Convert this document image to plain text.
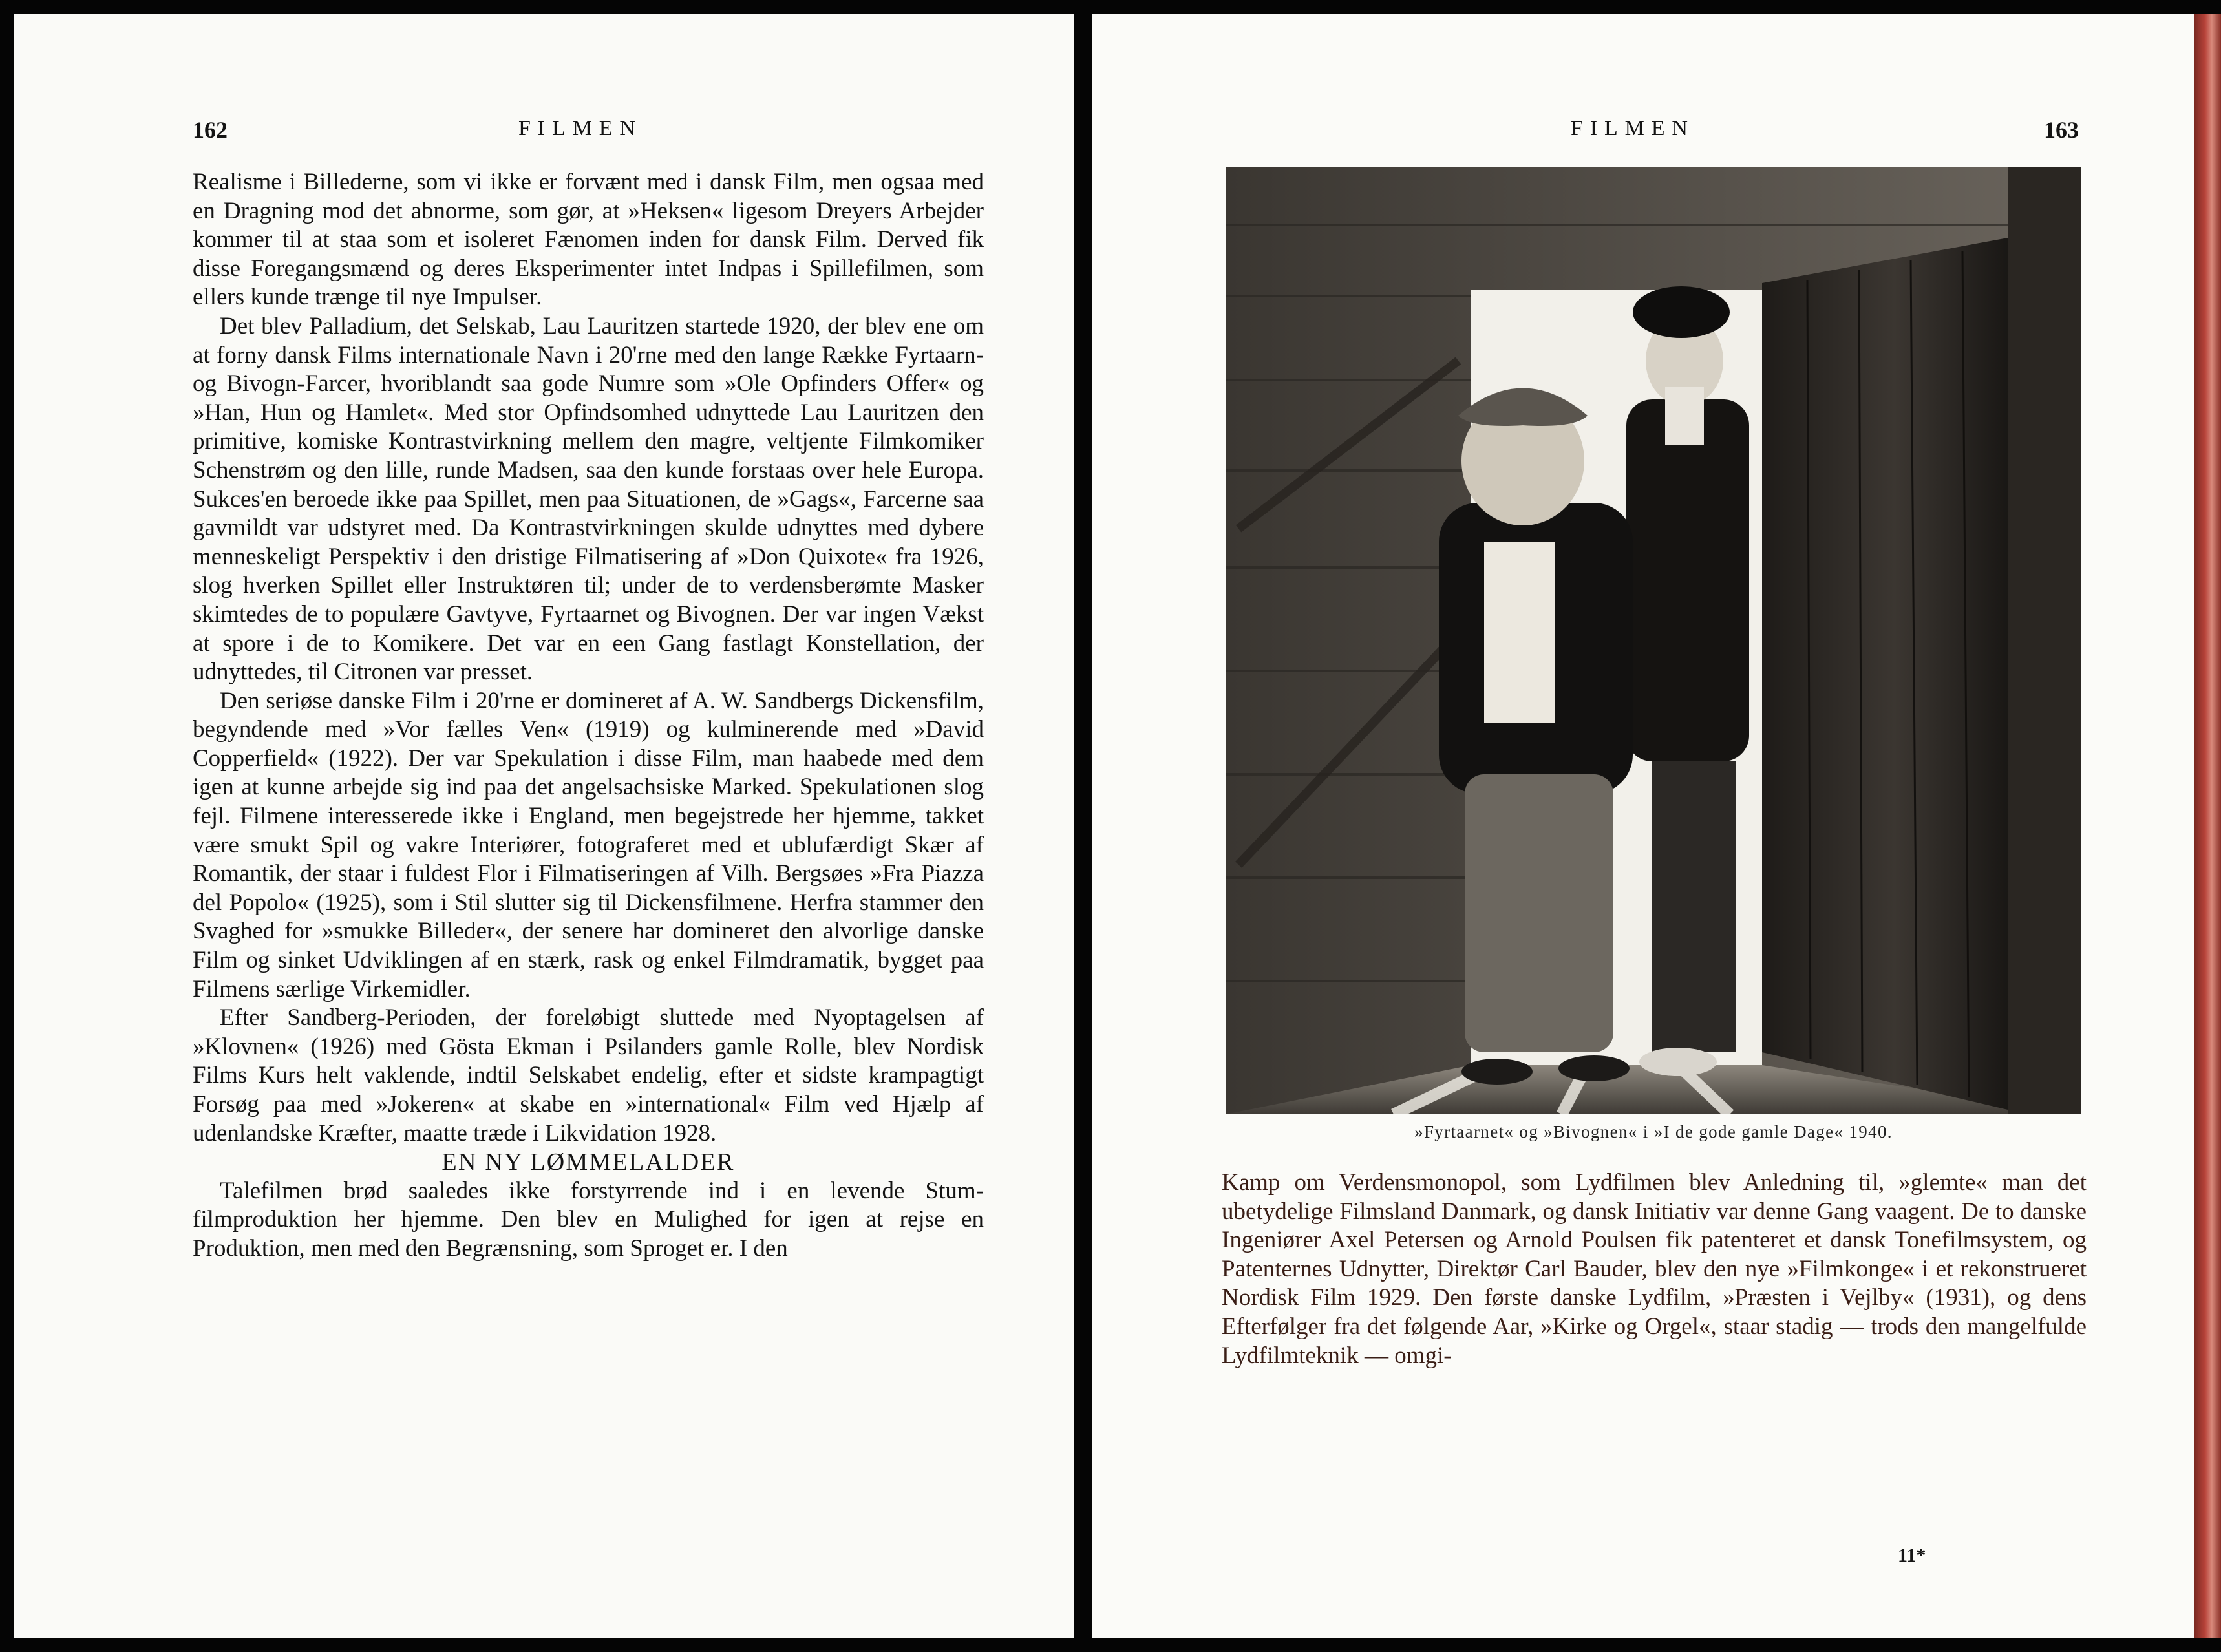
162	FILMEN

Realisme i Billederne, som vi ikke er forvænt med i dansk Film, men ogsaa med en Dragning mod det abnorme, som gør, at »Heksen« ligesom Dreyers Arbejder kommer til at staa som et isoleret Fænomen inden for dansk Film. Derved fik disse Foregangsmænd og deres Eksperimenter intet Indpas i Spillefilmen, som ellers kunde trænge til nye Impulser.

Det blev Palladium, det Selskab, Lau Lauritzen startede 1920, der blev ene om at forny dansk Films internationale Navn i 20'rne med den lange Række Fyrtaarn- og Bivogn-Farcer, hvoriblandt saa gode Numre som »Ole Opfinders Offer« og »Han, Hun og Hamlet«. Med stor Opfindsomhed udnyttede Lau Lauritzen den primitive, komiske Kontrastvirkning mellem den magre, veltjente Filmkomiker Schenstrøm og den lille, runde Madsen, saa den kunde forstaas over hele Europa. Sukces'en beroede ikke paa Spillet, men paa Situationen, de »Gags«, Farcerne saa gavmildt var udstyret med. Da Kontrastvirkningen skulde udnyttes med dybere menneskeligt Perspektiv i den dristige Filmatisering af »Don Quixote« fra 1926, slog hverken Spillet eller Instruktøren til; under de to verdensberømte Masker skimtedes de to populære Gavtyve, Fyrtaarnet og Bivognen. Der var ingen Vækst at spore i de to Komikere. Det var en een Gang fastlagt Konstellation, der udnyttedes, til Citronen var presset.

Den seriøse danske Film i 20'rne er domineret af A. W. Sandbergs Dickensfilm, begyndende med »Vor fælles Ven« (1919) og kulminerende med »David Copperfield« (1922). Der var Spekulation i disse Film, man haabede med dem igen at kunne arbejde sig ind paa det angelsachsiske Marked. Spekulationen slog fejl. Filmene interesserede ikke i England, men begejstrede her hjemme, takket være smukt Spil og vakre Interiører, fotograferet med et ublufærdigt Skær af Romantik, der staar i fuldest Flor i Filmatiseringen af Vilh. Bergsøes »Fra Piazza del Popolo« (1925), som i Stil slutter sig til Dickensfilmene. Herfra stammer den Svaghed for »smukke Billeder«, der senere har domineret den alvorlige danske Film og sinket Udviklingen af en stærk, rask og enkel Filmdramatik, bygget paa Filmens særlige Virkemidler.

Efter Sandberg-Perioden, der foreløbigt sluttede med Nyoptagelsen af »Klovnen« (1926) med Gösta Ekman i Psilanders gamle Rolle, blev Nordisk Films Kurs helt vaklende, indtil Selskabet endelig, efter et sidste krampagtigt Forsøg paa med »Jokeren« at skabe en »international« Film ved Hjælp af udenlandske Kræfter, maatte træde i Likvidation 1928.

EN NY LØMMELALDER

Talefilmen brød saaledes ikke forstyrrende ind i en levende Stumfilmproduktion her hjemme. Den blev en Mulighed for igen at rejse en Produktion, men med den Begrænsning, som Sproget er. I den

FILMEN	163
»Fyrtaarnet« og »Bivognen« i »I de gode gamle Dage« 1940.

Kamp om Verdensmonopol, som Lydfilmen blev Anledning til, »glemte« man det ubetydelige Filmsland Danmark, og dansk Initiativ var denne Gang vaagent. De to danske Ingeniører Axel Petersen og Arnold Poulsen fik patenteret et dansk Tonefilmsystem, og Patenternes Udnytter, Direktør Carl Bauder, blev den nye »Filmkonge« i et rekonstrueret Nordisk Film 1929. Den første danske Lydfilm, »Præsten i Vejlby« (1931), og dens Efterfølger fra det følgende Aar, »Kirke og Orgel«, staar stadig — trods den mangelfulde Lydfilmteknik — omgi-

11*
